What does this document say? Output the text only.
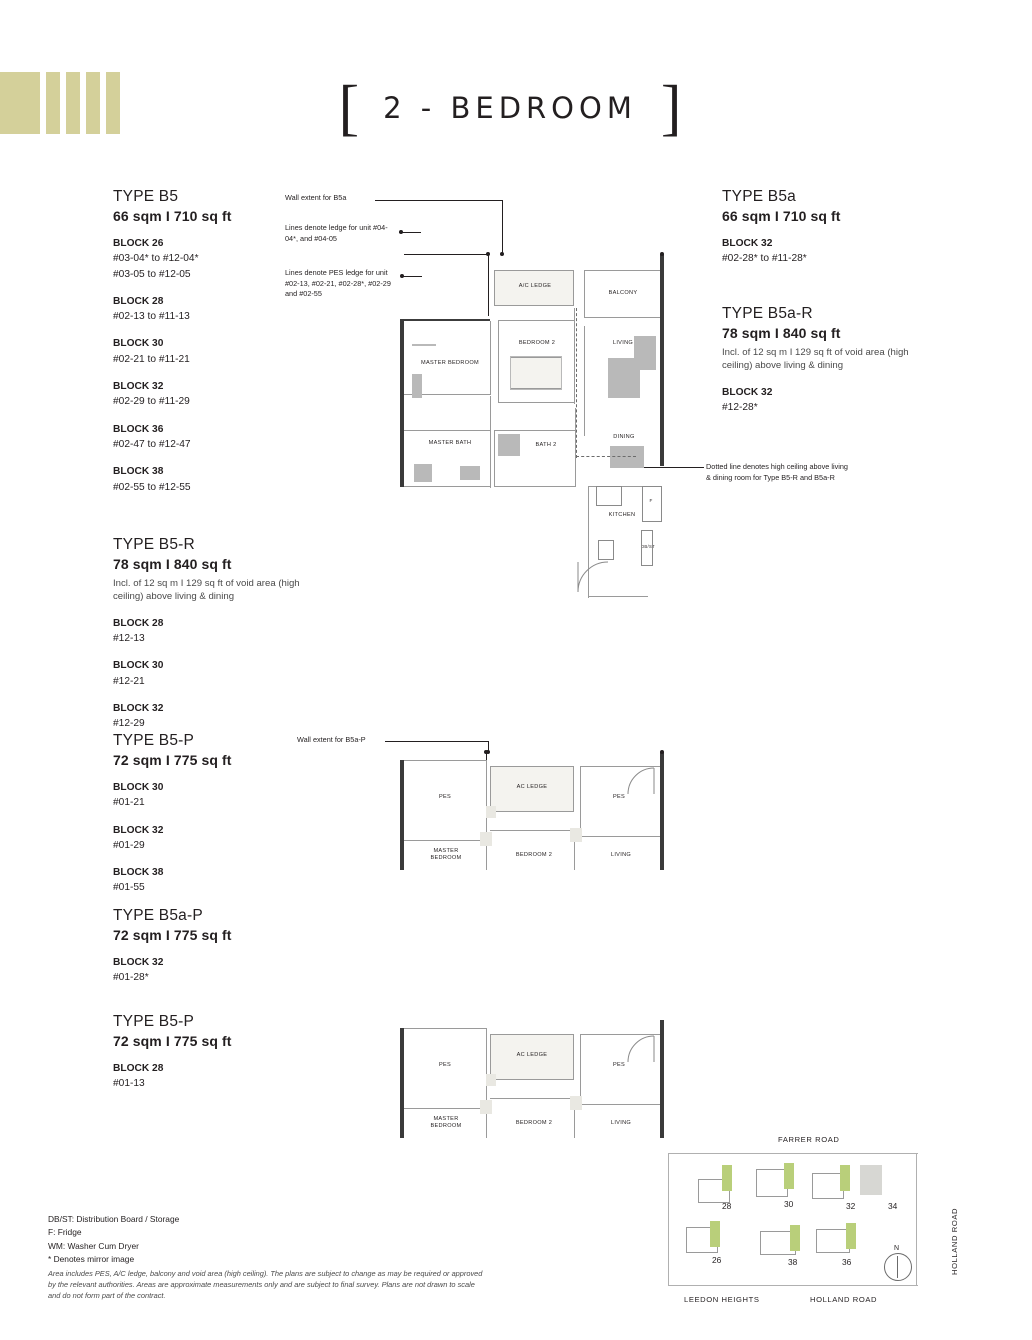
[ 2 - BEDROOM ]

TYPE B5

66 sqm I 710 sq ft

BLOCK 26

#03-04* to #12-04*
#03-05 to #12-05

BLOCK 28

#02-13 to #11-13

BLOCK 30

#02-21 to #11-21

BLOCK 32

#02-29 to #11-29

BLOCK 36

#02-47 to #12-47

BLOCK 38

#02-55 to #12-55

TYPE B5-R

78 sqm I 840 sq ft

Incl. of 12 sq m I 129 sq ft of void area (high ceiling) above living & dining

BLOCK 28

#12-13

BLOCK 30

#12-21

BLOCK 32

#12-29

TYPE B5-P

72 sqm I 775 sq ft

BLOCK 30

#01-21

BLOCK 32

#01-29

BLOCK 38

#01-55

TYPE B5a-P

72 sqm I 775 sq ft

BLOCK 32

#01-28*

TYPE B5-P

72 sqm I 775 sq ft

BLOCK 28

#01-13

TYPE B5a

66 sqm I 710 sq ft

BLOCK 32

#02-28* to #11-28*

TYPE B5a-R

78 sqm I 840 sq ft

Incl. of 12 sq m I 129 sq ft of void area (high ceiling) above living & dining

BLOCK 32

#12-28*

Wall extent for B5a
Lines denote ledge for unit #04-04*, and #04-05
Lines denote PES ledge for unit #02-13, #02-21, #02-28*, #02-29 and #02-55
Dotted line denotes high ceiling above living & dining room for Type B5-R and B5a-R
Wall extent for B5a-P
A/C LEDGE
BALCONY
BEDROOM 2	LIVING
MASTER BEDROOM
MASTER BATH	BATH 2
DINING
KITCHEN
F
DB/ST
PES
AC LEDGE
PES
MASTER BEDROOM	BEDROOM 2	LIVING
PES
AC LEDGE
PES
MASTER BEDROOM	BEDROOM 2	LIVING
FARRER ROAD
28	30	32	34
26	38	36	HOLLAND ROAD
LEEDON HEIGHTS	HOLLAND ROAD
N
DB/ST: Distribution Board / Storage
F: Fridge
WM: Washer Cum Dryer
* Denotes mirror image
Area includes PES, A/C ledge, balcony and void area (high ceiling). The plans are subject to change as may be required or approved by the relevant authorities. Areas are approximate measurements only and are subject to final survey. Plans are not drawn to scale and do not form part of the contract.
